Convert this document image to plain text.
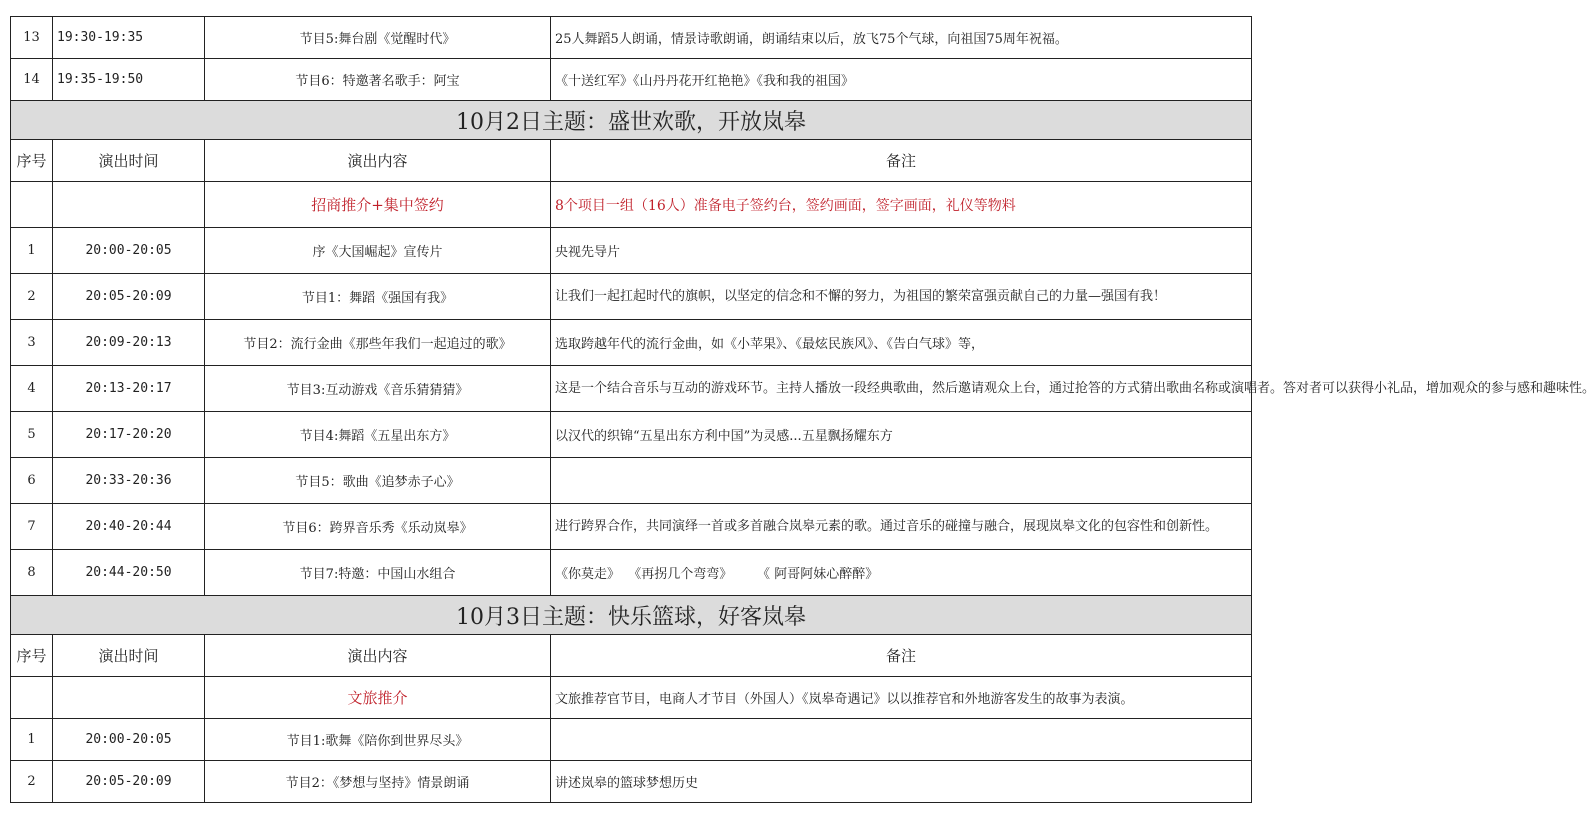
13	19:30-19:35	节目5:舞台剧《觉醒时代》	25人舞蹈5人朗诵，情景诗歌朗诵，朗诵结束以后，放飞75个气球，向祖国75周年祝福。
14	19:35-19:50	节目6：特邀著名歌手：阿宝	《十送红军》《山丹丹花开红艳艳》《我和我的祖国》
10月2日主题：盛世欢歌，开放岚皋			
序号	演出时间	演出内容	备注
		招商推介+集中签约	8个项目一组（16人）准备电子签约台，签约画面，签字画面，礼仪等物料
1	20:00-20:05	序《大国崛起》宣传片	央视先导片
2	20:05-20:09	节目1：舞蹈《强国有我》	让我们一起扛起时代的旗帜，以坚定的信念和不懈的努力，为祖国的繁荣富强贡献自己的力量—强国有我！
3	20:09-20:13	节目2：流行金曲《那些年我们一起追过的歌》	选取跨越年代的流行金曲，如《小苹果》、《最炫民族风》、《告白气球》等，
4	20:13-20:17	节目3:互动游戏《音乐猜猜猜》	这是一个结合音乐与互动的游戏环节。主持人播放一段经典歌曲，然后邀请观众上台，通过抢答的方式猜出歌曲名称或演唱者。答对者可以获得小礼品，增加观众的参与感和趣味性。
5	20:17-20:20	节目4:舞蹈《五星出东方》	以汉代的织锦“五星出东方利中国”为灵感...五星飘扬耀东方
6	20:33-20:36	节目5：歌曲《追梦赤子心》	
7	20:40-20:44	节目6：跨界音乐秀《乐动岚皋》	进行跨界合作，共同演绎一首或多首融合岚皋元素的歌。通过音乐的碰撞与融合，展现岚皋文化的包容性和创新性。
8	20:44-20:50	节目7:特邀：中国山水组合	《你莫走》  《再拐几个弯弯》      《 阿哥阿妹心醉醉》
10月3日主题：快乐篮球，好客岚皋			
序号	演出时间	演出内容	备注
		文旅推介	文旅推荐官节目，电商人才节目（外国人）《岚皋奇遇记》以以推荐官和外地游客发生的故事为表演。
1	20:00-20:05	节目1:歌舞《陪你到世界尽头》	
2	20:05-20:09	节目2：《梦想与坚持》情景朗诵	讲述岚皋的篮球梦想历史
